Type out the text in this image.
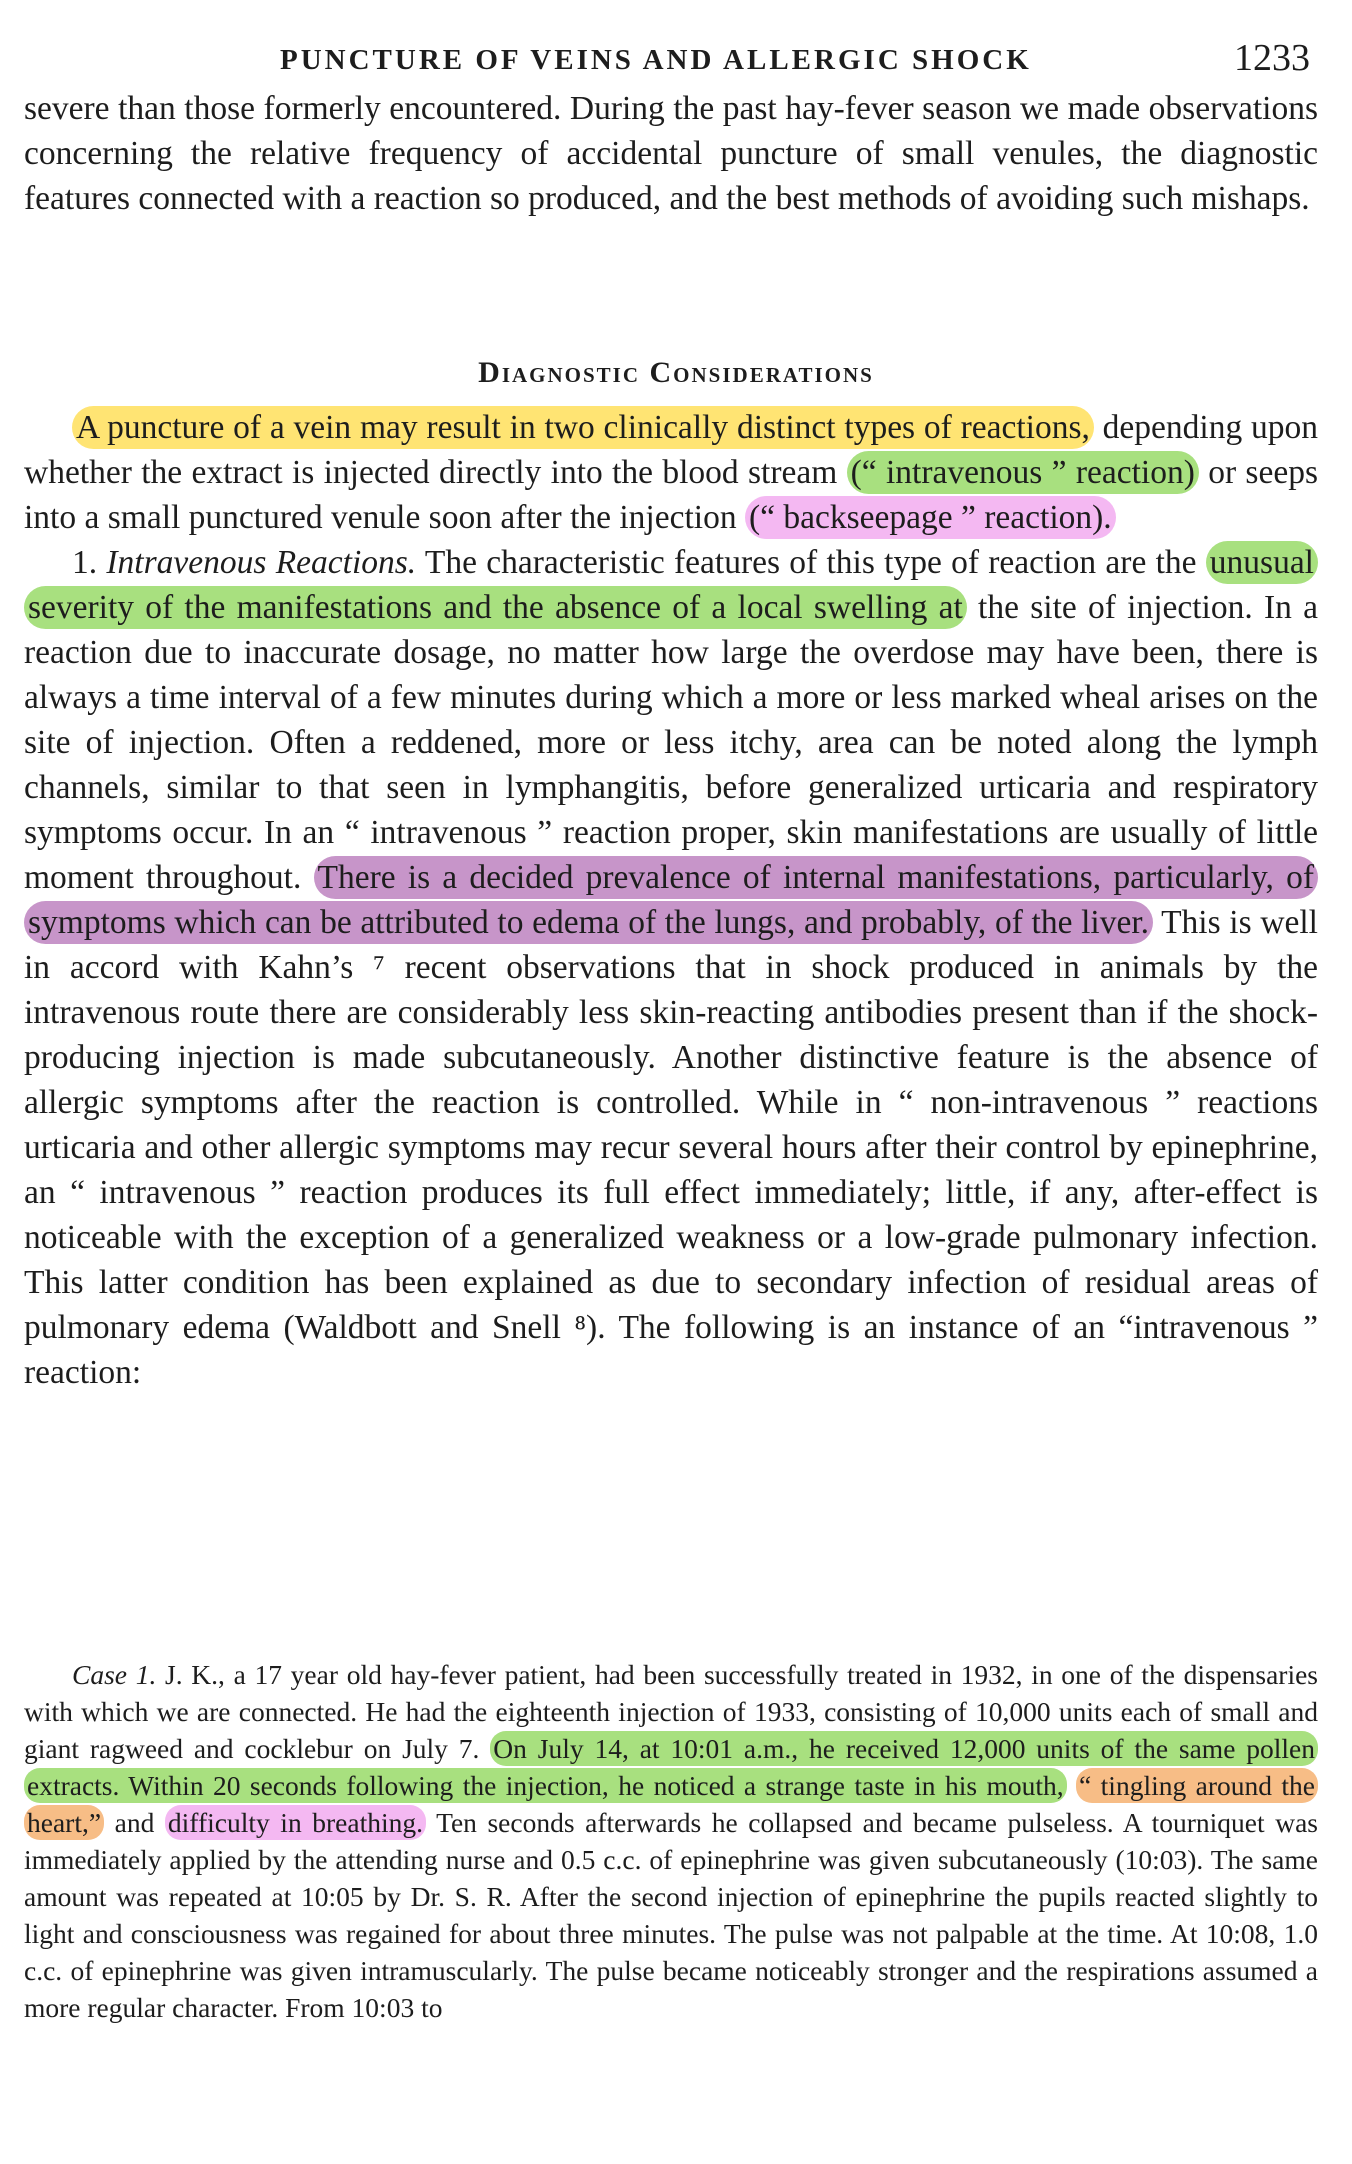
PUNCTURE OF VEINS AND ALLERGIC SHOCK	1233

severe than those formerly encountered. During the past hay-fever season we made observations concerning the relative frequency of accidental puncture of small venules, the diagnostic features connected with a reaction so produced, and the best methods of avoiding such mishaps.

Diagnostic Considerations

A puncture of a vein may result in two clinically distinct types of reactions, depending upon whether the extract is injected directly into the blood stream (“ intravenous ” reaction) or seeps into a small punctured venule soon after the injection (“ backseepage ” reaction).

1. Intravenous Reactions. The characteristic features of this type of reaction are the unusual severity of the manifestations and the absence of a local swelling at the site of injection. In a reaction due to inaccurate dosage, no matter how large the overdose may have been, there is always a time interval of a few minutes during which a more or less marked wheal arises on the site of injection. Often a reddened, more or less itchy, area can be noted along the lymph channels, similar to that seen in lymphangitis, before generalized urticaria and respiratory symptoms occur. In an “ intravenous ” reaction proper, skin manifestations are usually of little moment throughout. There is a decided prevalence of internal manifestations, particularly, of symptoms which can be attributed to edema of the lungs, and probably, of the liver. This is well in accord with Kahn’s ⁷ recent observations that in shock produced in animals by the intravenous route there are considerably less skin-reacting antibodies present than if the shock-producing injection is made subcutaneously. Another distinctive feature is the absence of allergic symptoms after the reaction is controlled. While in “ non-intravenous ” reactions urticaria and other allergic symptoms may recur several hours after their control by epinephrine, an “ intravenous ” reaction produces its full effect immediately; little, if any, after-effect is noticeable with the exception of a generalized weakness or a low-grade pulmonary infection. This latter condition has been explained as due to secondary infection of residual areas of pulmonary edema (Waldbott and Snell ⁸). The following is an instance of an “intravenous ” reaction:

Case 1. J. K., a 17 year old hay-fever patient, had been successfully treated in 1932, in one of the dispensaries with which we are connected. He had the eighteenth injection of 1933, consisting of 10,000 units each of small and giant ragweed and cocklebur on July 7. On July 14, at 10:01 a.m., he received 12,000 units of the same pollen extracts. Within 20 seconds following the injection, he noticed a strange taste in his mouth, “ tingling around the heart,” and difficulty in breathing. Ten seconds afterwards he collapsed and became pulseless. A tourniquet was immediately applied by the attending nurse and 0.5 c.c. of epinephrine was given subcutaneously (10:03). The same amount was repeated at 10:05 by Dr. S. R. After the second injection of epinephrine the pupils reacted slightly to light and consciousness was regained for about three minutes. The pulse was not palpable at the time. At 10:08, 1.0 c.c. of epinephrine was given intramuscularly. The pulse became noticeably stronger and the respirations assumed a more regular character. From 10:03 to
